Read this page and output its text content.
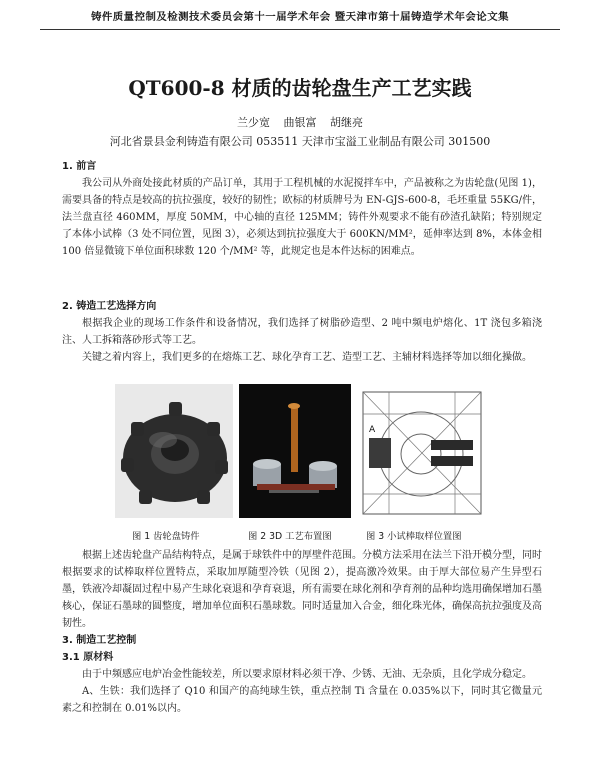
铸件质量控制及检测技术委员会第十一届学术年会 暨天津市第十届铸造学术年会论文集
QT600-8 材质的齿轮盘生产工艺实践
兰少宽 曲银富 胡继亮
河北省景县金利铸造有限公司 053511 天津市宝溢工业制品有限公司 301500
1. 前言
我公司从外商处接此材质的产品订单，其用于工程机械的水泥搅拌车中，产品被称之为齿轮盘(见图 1)，需要具备的特点是较高的抗拉强度，较好的韧性；欧标的材质牌号为 EN-GJS-600-8，毛坯重量 55KG/件，法兰盘直径 460MM，厚度 50MM，中心轴的直径 125MM；铸件外观要求不能有砂渣孔缺陷；特别规定了本体小试棒（3 处不同位置，见图 3），必须达到抗拉强度大于 600KN/MM²，延伸率达到 8%，本体金相 100 倍显微镜下单位面积球数 120 个/MM² 等，此规定也是本件达标的困难点。
2. 铸造工艺选择方向
根据我企业的现场工作条件和设备情况，我们选择了树脂砂造型、2 吨中频电炉熔化、1T 浇包多箱浇注、人工拆箱落砂形式等工艺。
关键之着内容上，我们更多的在熔炼工艺、球化孕育工艺、造型工艺、主辅材料选择等加以细化操做。
A
图 1 齿轮盘铸件	图 2 3D 工艺布置图	图 3 小试棒取样位置图
根据上述齿轮盘产品结构特点，是属于球铁件中的厚壁件范围。分模方法采用在法兰下沿开模分型，同时根据要求的试棒取样位置特点，采取加厚随型冷铁（见图 2），提高激冷效果。由于厚大部位易产生异型石墨，铁液冷却凝固过程中易产生球化衰退和孕育衰退，所有需要在球化剂和孕育剂的品种均选用确保增加石墨核心，保证石墨球的圆整度，增加单位面积石墨球数。同时适量加入合金，细化珠光体，确保高抗拉强度及高韧性。
3. 制造工艺控制
3.1 原材料
由于中频感应电炉冶金性能较差，所以要求原材料必须干净、少锈、无油、无杂质，且化学成分稳定。
A、生铁：我们选择了 Q10 和国产的高纯球生铁，重点控制 Ti 含量在 0.035%以下，同时其它微量元素之和控制在 0.01%以内。
